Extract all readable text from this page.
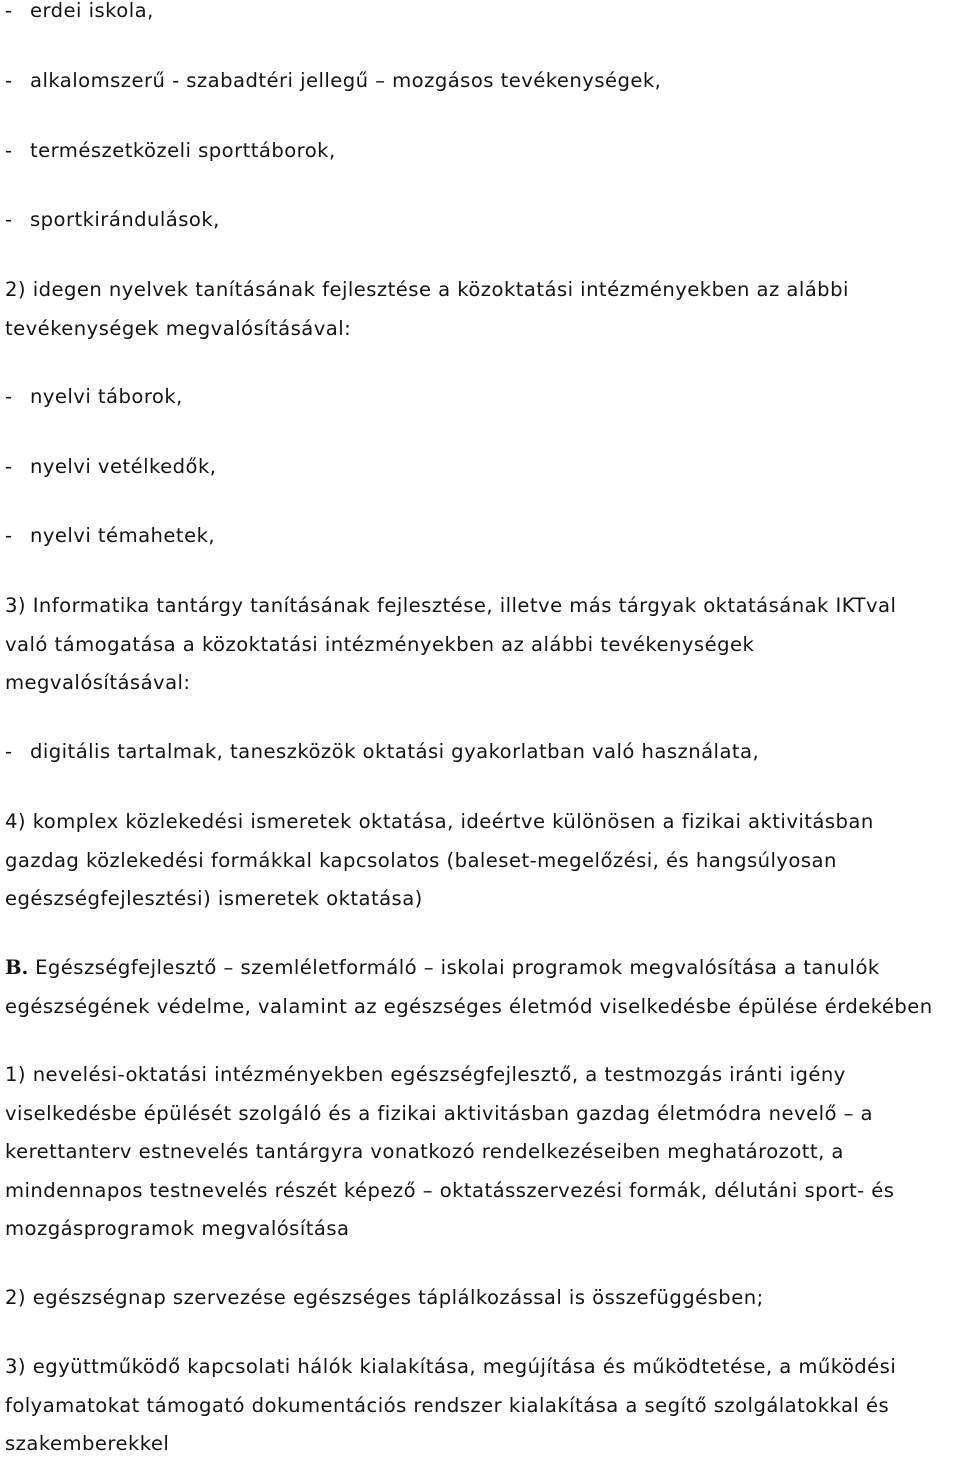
- erdei iskola,
- alkalomszerű - szabadtéri jellegű – mozgásos tevékenységek,
- természetközeli sporttáborok,
- sportkirándulások,
2) idegen nyelvek tanításának fejlesztése a közoktatási intézményekben az alábbi
tevékenységek megvalósításával:
- nyelvi táborok,
- nyelvi vetélkedők,
- nyelvi témahetek,
3) Informatika tantárgy tanításának fejlesztése, illetve más tárgyak oktatásának IKTval
való támogatása a közoktatási intézményekben az alábbi tevékenységek
megvalósításával:
- digitális tartalmak, taneszközök oktatási gyakorlatban való használata,
4) komplex közlekedési ismeretek oktatása, ideértve különösen a fizikai aktivitásban
gazdag közlekedési formákkal kapcsolatos (baleset-megelőzési, és hangsúlyosan
egészségfejlesztési) ismeretek oktatása)
B. Egészségfejlesztő – szemléletformáló – iskolai programok megvalósítása a tanulók
egészségének védelme, valamint az egészséges életmód viselkedésbe épülése érdekében
1) nevelési-oktatási intézményekben egészségfejlesztő, a testmozgás iránti igény
viselkedésbe épülését szolgáló és a fizikai aktivitásban gazdag életmódra nevelő – a
kerettanterv estnevelés tantárgyra vonatkozó rendelkezéseiben meghatározott, a
mindennapos testnevelés részét képező – oktatásszervezési formák, délutáni sport- és
mozgásprogramok megvalósítása
2) egészségnap szervezése egészséges táplálkozással is összefüggésben;
3) együttműködő kapcsolati hálók kialakítása, megújítása és működtetése, a működési
folyamatokat támogató dokumentációs rendszer kialakítása a segítő szolgálatokkal és
szakemberekkel
